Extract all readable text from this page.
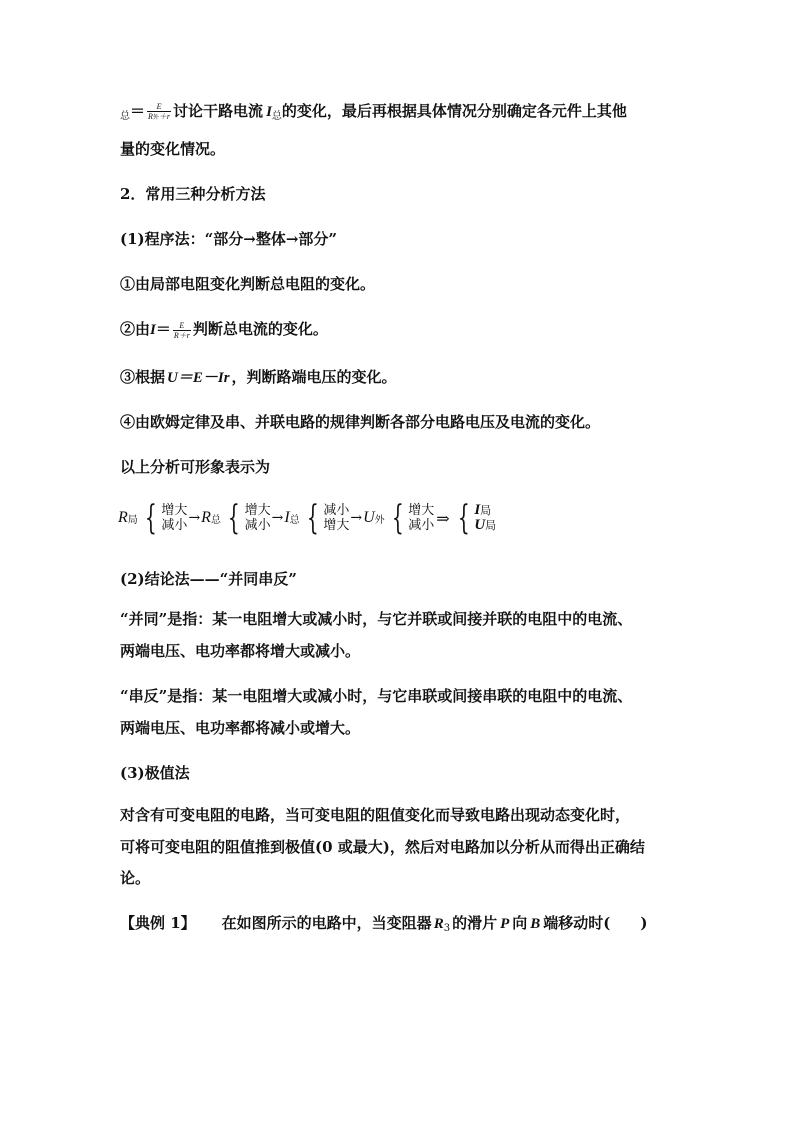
$_总= \frac{E}{\text{R外＋r}}$ 讨论干路电流 $I_总$的变化，最后再根据具体情况分别确定各元件上其他
量的变化情况。
2．常用三种分析方法
(1)程序法：“部分→整体→部分”
①由局部电阻变化判断总电阻的变化。
②由$I= \frac{E}{R+r}$ 判断总电流的变化。
③根据 U＝E－Ir ，判断路端电压的变化。
④由欧姆定律及串、并联电路的规律判断各部分电路电压及电流的变化。
以上分析可形象表示为
R 局 { 增大
减小 → R 总 { 增大
减小 → I 总 { 减小
增大 → U 外 { 增大
减小 ⇒ { I局
U局
(2)结论法——“并同串反”
“并同”是指：某一电阻增大或减小时，与它并联或间接并联的电阻中的电流、
两端电压、电功率都将增大或减小。
“串反”是指：某一电阻增大或减小时，与它串联或间接串联的电阻中的电流、
两端电压、电功率都将减小或增大。
(3)极值法
对含有可变电阻的电路，当可变电阻的阻值变化而导致电路出现动态变化时，
可将可变电阻的阻值推到极值(0 或最大)，然后对电路加以分析从而得出正确结
论。
【典例 1】 在如图所示的电路中，当变阻器 $R_3$ 的滑片 P 向 B 端移动时(　　)
